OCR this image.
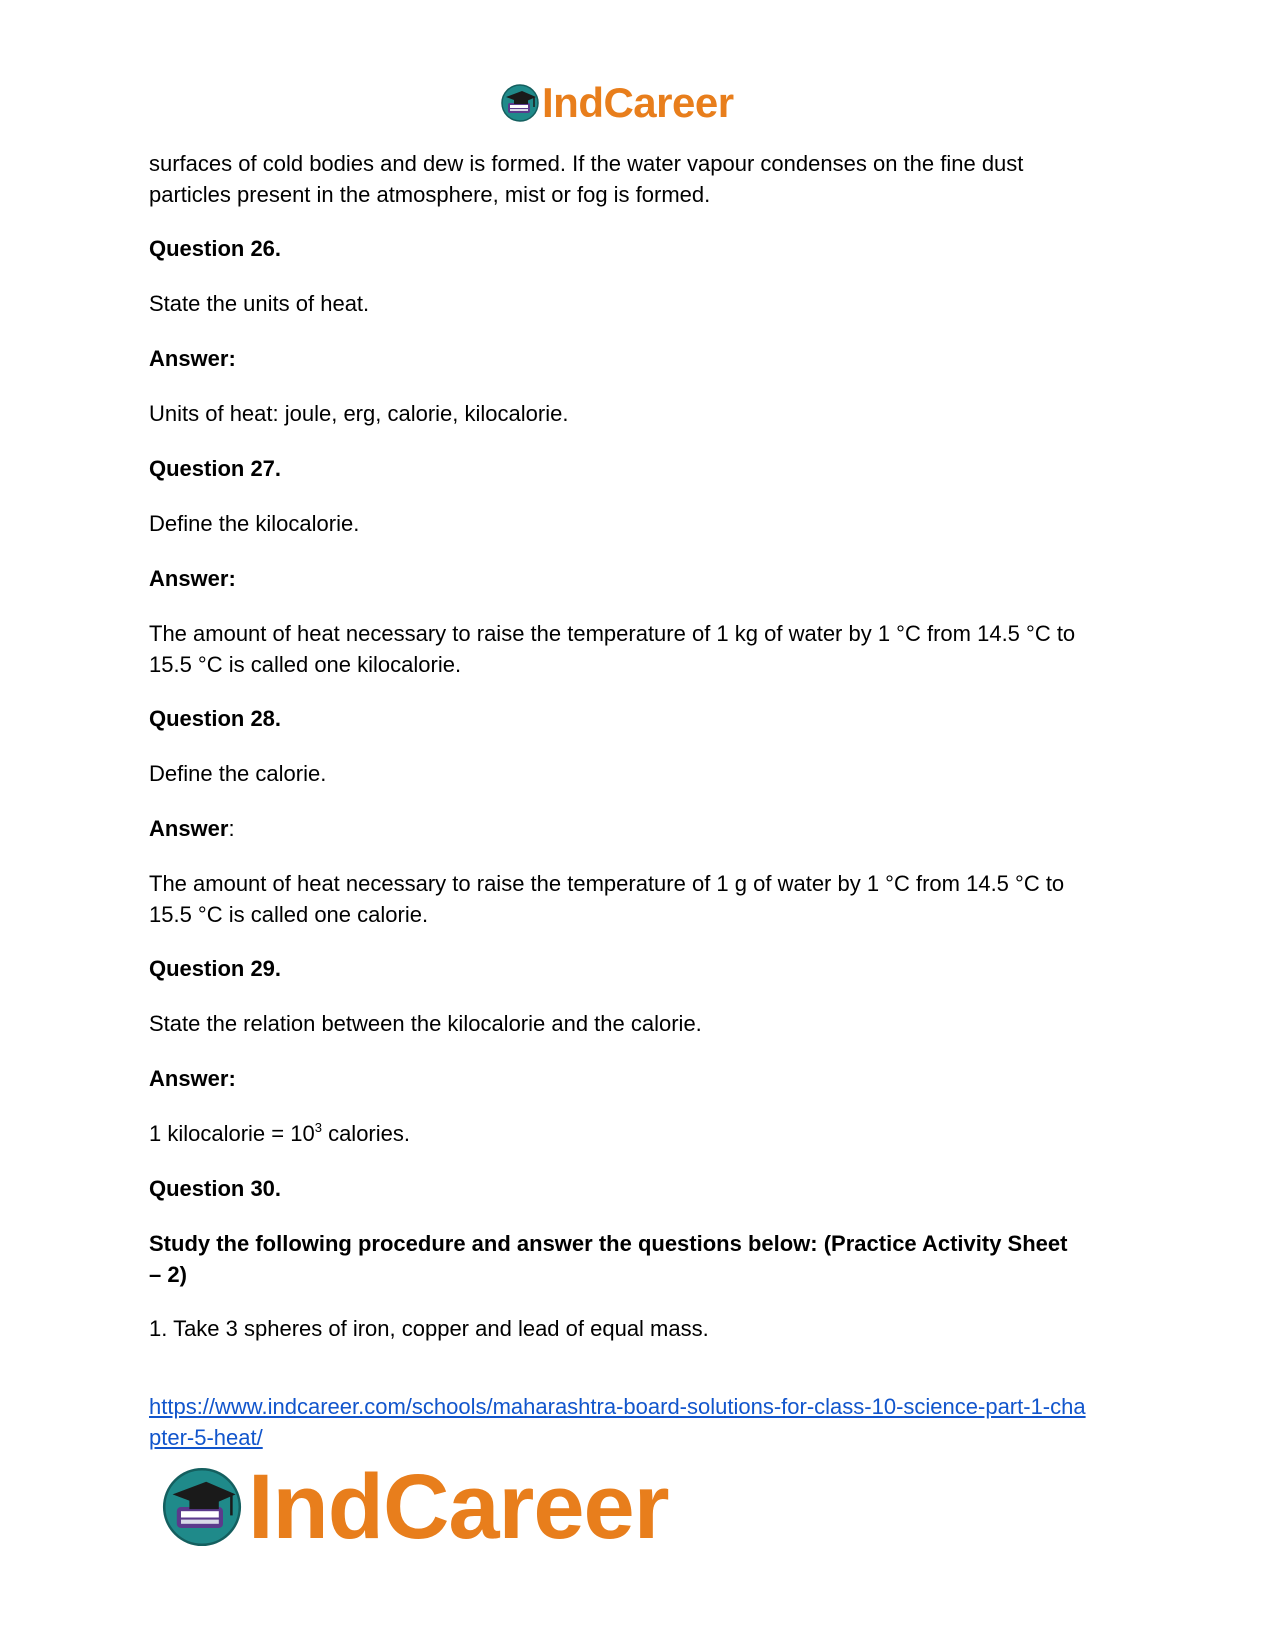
IndCareer
surfaces of cold bodies and dew is formed. If the water vapour condenses on the fine dust
particles present in the atmosphere, mist or fog is formed.
Question 26.
State the units of heat.
Answer:
Units of heat: joule, erg, calorie, kilocalorie.
Question 27.
Define the kilocalorie.
Answer:
The amount of heat necessary to raise the temperature of 1 kg of water by 1 °C from 14.5 °C to
15.5 °C is called one kilocalorie.
Question 28.
Define the calorie.
Answer:
The amount of heat necessary to raise the temperature of 1 g of water by 1 °C from 14.5 °C to
15.5 °C is called one calorie.
Question 29.
State the relation between the kilocalorie and the calorie.
Answer:
1 kilocalorie = $10^3$ calories.
Question 30.
Study the following procedure and answer the questions below: (Practice Activity Sheet
– 2)
1. Take 3 spheres of iron, copper and lead of equal mass.
https://www.indcareer.com/schools/maharashtra-board-solutions-for-class-10-science-part-1-cha
pter-5-heat/
IndCareer
